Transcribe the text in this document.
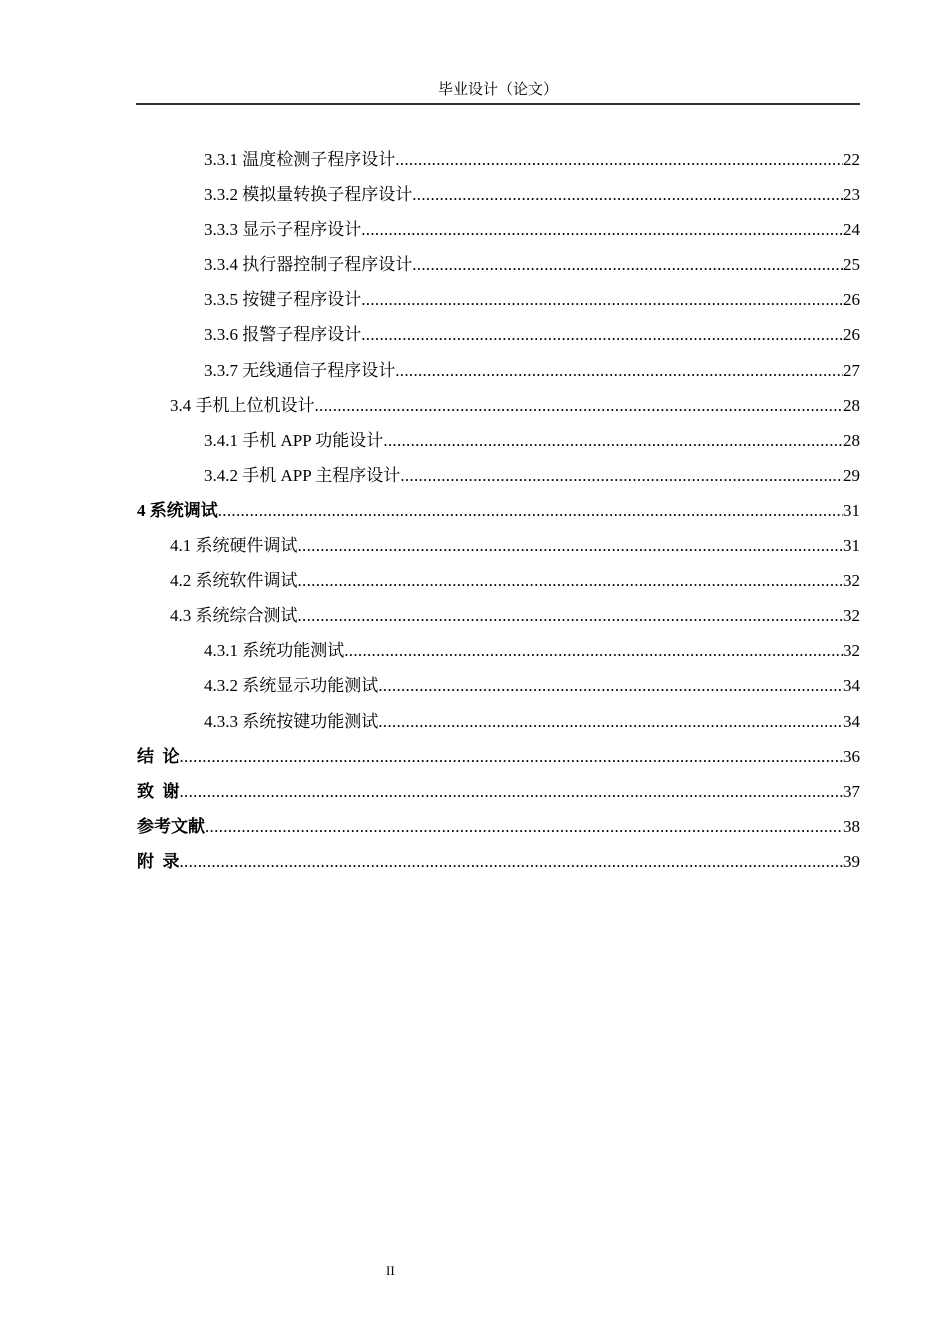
毕业设计（论文）
3.3.1 温度检测子程序设计 .....	22
3.3.2 模拟量转换子程序设计 .....	23
3.3.3 显示子程序设计 .....	24
3.3.4 执行器控制子程序设计 .....	25
3.3.5 按键子程序设计 .....	26
3.3.6 报警子程序设计 .....	26
3.3.7 无线通信子程序设计 .....	27
3.4 手机上位机设计 .....	28
3.4.1 手机 APP 功能设计 .....	28
3.4.2 手机 APP 主程序设计 .....	29
4 系统调试 .....	31
4.1 系统硬件调试 .....	31
4.2 系统软件调试 .....	32
4.3 系统综合测试 .....	32
4.3.1 系统功能测试 .....	32
4.3.2 系统显示功能测试 .....	34
4.3.3 系统按键功能测试 .....	34
结  论 .....	36
致  谢 .....	37
参考文献 .....	38
附  录 .....	39
II
